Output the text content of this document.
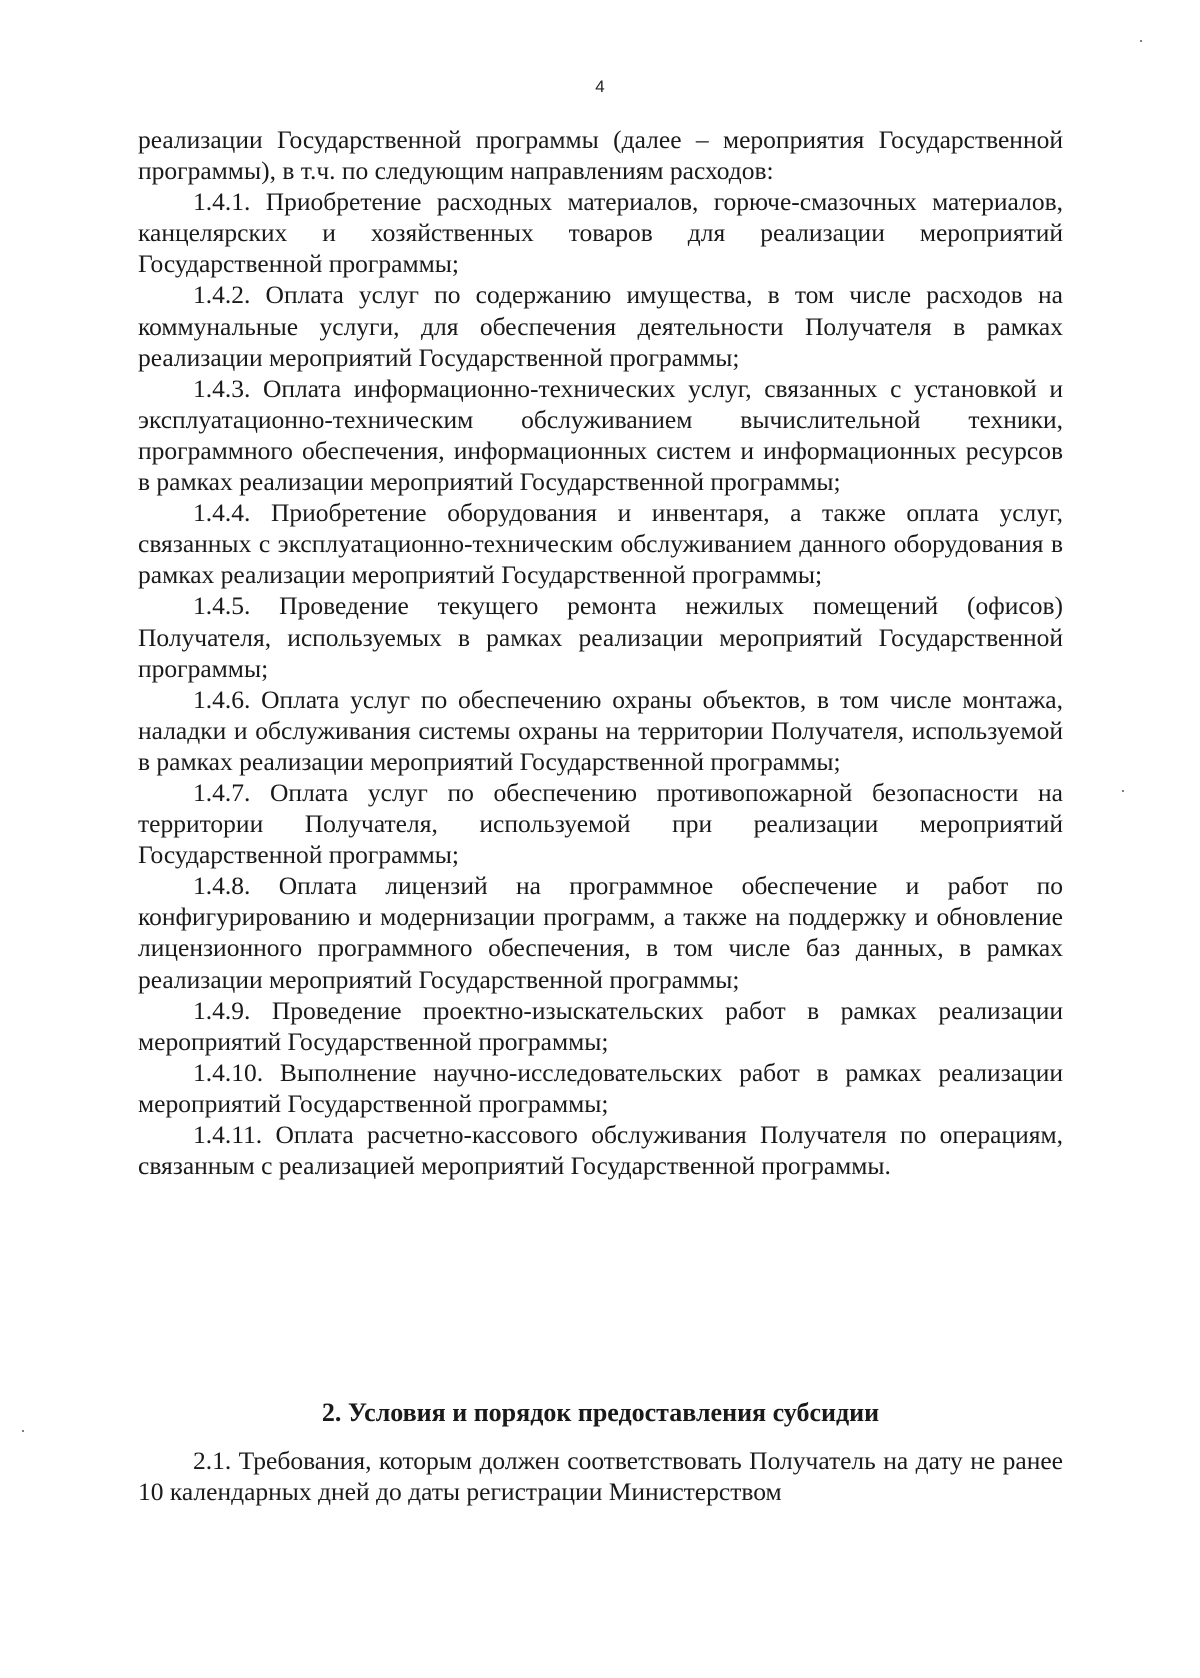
4

реализации Государственной программы (далее – мероприятия Государственной программы), в т.ч. по следующим направлениям расходов:

1.4.1. Приобретение расходных материалов, горюче-смазочных материалов, канцелярских и хозяйственных товаров для реализации мероприятий Государственной программы;

1.4.2. Оплата услуг по содержанию имущества, в том числе расходов на коммунальные услуги, для обеспечения деятельности Получателя в рамках реализации мероприятий Государственной программы;

1.4.3. Оплата информационно-технических услуг, связанных с установкой и эксплуатационно-техническим обслуживанием вычислительной техники, программного обеспечения, информационных систем и информационных ресурсов в рамках реализации мероприятий Государственной программы;

1.4.4. Приобретение оборудования и инвентаря, а также оплата услуг, связанных с эксплуатационно-техническим обслуживанием данного оборудования в рамках реализации мероприятий Государственной программы;

1.4.5. Проведение текущего ремонта нежилых помещений (офисов) Получателя, используемых в рамках реализации мероприятий Государственной программы;

1.4.6. Оплата услуг по обеспечению охраны объектов, в том числе монтажа, наладки и обслуживания системы охраны на территории Получателя, используемой в рамках реализации мероприятий Государственной программы;

1.4.7. Оплата услуг по обеспечению противопожарной безопасности на территории Получателя, используемой при реализации мероприятий Государственной программы;

1.4.8. Оплата лицензий на программное обеспечение и работ по конфигурированию и модернизации программ, а также на поддержку и обновление лицензионного программного обеспечения, в том числе баз данных, в рамках реализации мероприятий Государственной программы;

1.4.9. Проведение проектно-изыскательских работ в рамках реализации мероприятий Государственной программы;

1.4.10. Выполнение научно-исследовательских работ в рамках реализации мероприятий Государственной программы;

1.4.11. Оплата расчетно-кассового обслуживания Получателя по операциям, связанным с реализацией мероприятий Государственной программы.

2. Условия и порядок предоставления субсидии

2.1. Требования, которым должен соответствовать Получатель на дату не ранее 10 календарных дней до даты регистрации Министерством
